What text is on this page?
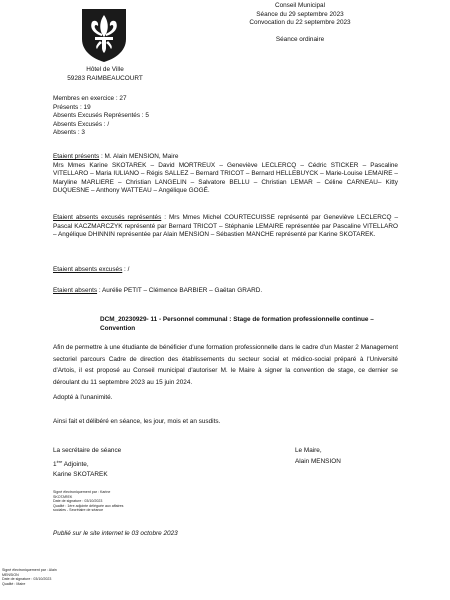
Hôtel de Ville
59283 RAIMBEAUCOURT
Conseil Municipal
Séance du 29 septembre 2023
Convocation du 22 septembre 2023
Séance ordinaire
Membres en exercice : 27
Présents : 19
Absents Excusés Représentés : 5
Absents Excusés : /
Absents : 3
Etaient présents : M. Alain MENSION, Maire
Mrs Mmes Karine SKOTAREK – David MORTREUX – Geneviève LECLERCQ – Cédric STICKER – Pascaline VITELLARO – Maria IULIANO – Régis SALLEZ – Bernard TRICOT – Bernard HELLEBUYCK – Marie-Louise LEMAIRE – Maryline MARLIERE – Christian LANGELIN – Salvatore BELLU – Christian LEMAR – Céline CARNEAU– Kitty DUQUESNE – Anthony WATTEAU – Angélique GOGÉ.
Etaient absents excusés représentés : Mrs Mmes Michel COURTECUISSE représenté par Geneviève LECLERCQ – Pascal KACZMARCZYK représenté par Bernard TRICOT – Stéphanie LEMAIRE représentée par Pascaline VITELLARO – Angélique DHINNIN représentée par Alain MENSION – Sébastien MANCHE représenté par Karine SKOTAREK.
Etaient absents excusés : /
Etaient absents : Aurélie PETIT – Clémence BARBIER – Gaëtan GRARD.
DCM_20230929- 11 - Personnel communal : Stage de formation professionnelle continue –
Convention
Afin de permettre à une étudiante de bénéficier d'une formation professionnelle dans le cadre d'un Master 2 Management sectoriel parcours Cadre de direction des établissements du secteur social et médico-social préparé à l'Université d'Artois, il est proposé au Conseil municipal d'autoriser M. le Maire à signer la convention de stage, ce dernier se déroulant du 11 septembre 2023 au 15 juin 2024.
Adopté à l'unanimité.
Ainsi fait et délibéré en séance, les jour, mois et an susdits.
La secrétaire de séance
1ère Adjointe,
Karine SKOTAREK
Le Maire,
Alain MENSION
Signé électroniquement par : Karine
SKOTAREK
Date de signature : 03/10/2023
Qualité : 1ère adjointe déléguée aux affaires
sociales - Secrétaire de séance
Publié sur le site internet le 03 octobre 2023
Signé électroniquement par : Alain
MENSION
Date de signature : 03/10/2023
Qualité : Maire
